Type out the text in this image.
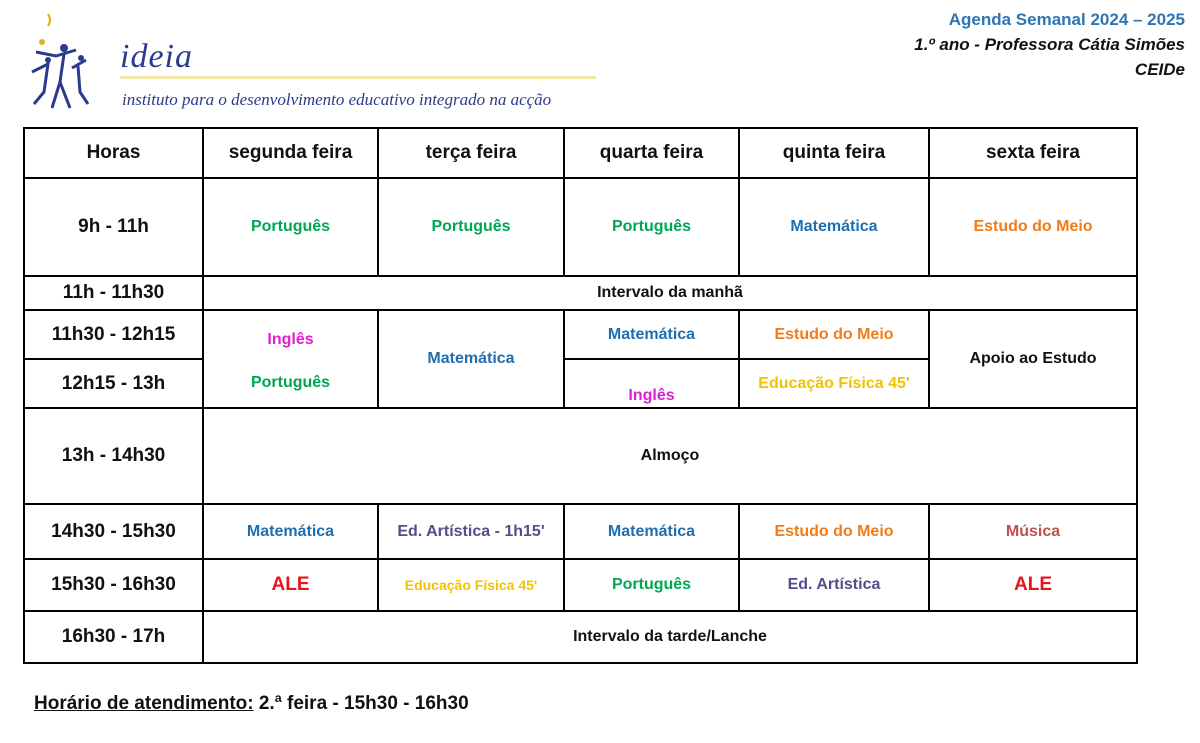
ideia
instituto para o desenvolvimento educativo integrado na acção
Agenda Semanal 2024 – 2025
1.º ano - Professora Cátia Simões
CEIDe
Horas	segunda feira	terça feira	quarta feira	quinta feira	sexta feira
9h - 11h	Português	Português	Português	Matemática	Estudo do Meio
11h - 11h30	Intervalo da manhã				
11h30 - 12h15	Inglês	Matemática	Matemática	Estudo do Meio	Apoio ao Estudo
12h15 - 13h	Português		Inglês	Educação Física 45'	
13h - 14h30	Almoço				
14h30 - 15h30	Matemática	Ed. Artística - 1h15'	Matemática	Estudo do Meio	Música
15h30 - 16h30	ALE	Educação Física 45'	Português	Ed. Artística	ALE
16h30 - 17h	Intervalo da tarde/Lanche				
Horário de atendimento: 2.ª feira - 15h30 - 16h30
